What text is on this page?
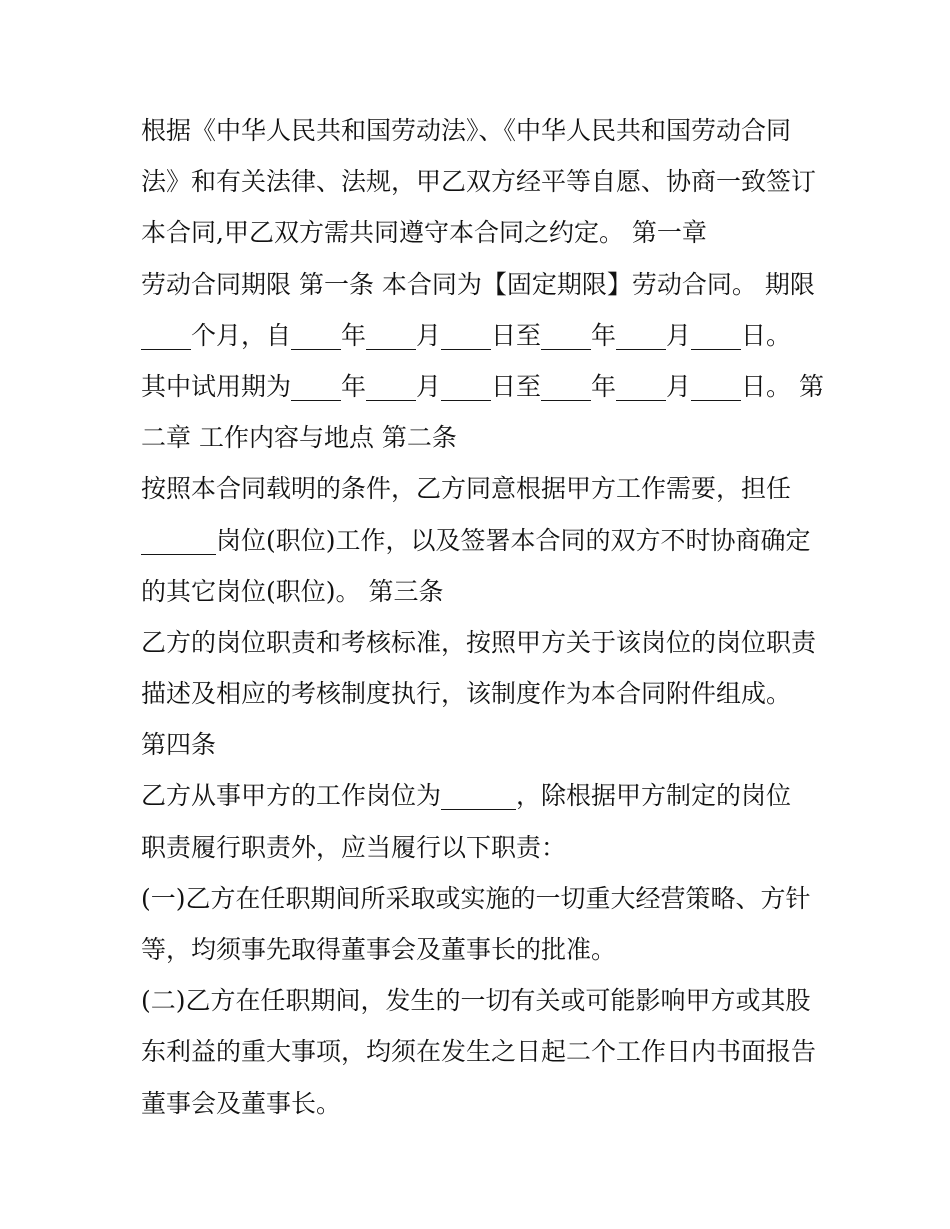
根据《中华人民共和国劳动法》、《中华人民共和国劳动合同
法》和有关法律、法规，甲乙双方经平等自愿、协商一致签订
本合同,甲乙双方需共同遵守本合同之约定。 第一章
劳动合同期限 第一条 本合同为【固定期限】劳动合同。 期限
____个月，自____年____月____日至____年____月____日。
其中试用期为____年____月____日至____年____月____日。 第
二章 工作内容与地点 第二条
按照本合同载明的条件，乙方同意根据甲方工作需要，担任
______岗位(职位)工作，以及签署本合同的双方不时协商确定
的其它岗位(职位)。 第三条
乙方的岗位职责和考核标准，按照甲方关于该岗位的岗位职责
描述及相应的考核制度执行，该制度作为本合同附件组成。
第四条
乙方从事甲方的工作岗位为______，除根据甲方制定的岗位
职责履行职责外，应当履行以下职责：
(一)乙方在任职期间所采取或实施的一切重大经营策略、方针
等，均须事先取得董事会及董事长的批准。
(二)乙方在任职期间，发生的一切有关或可能影响甲方或其股
东利益的重大事项，均须在发生之日起二个工作日内书面报告
董事会及董事长。
